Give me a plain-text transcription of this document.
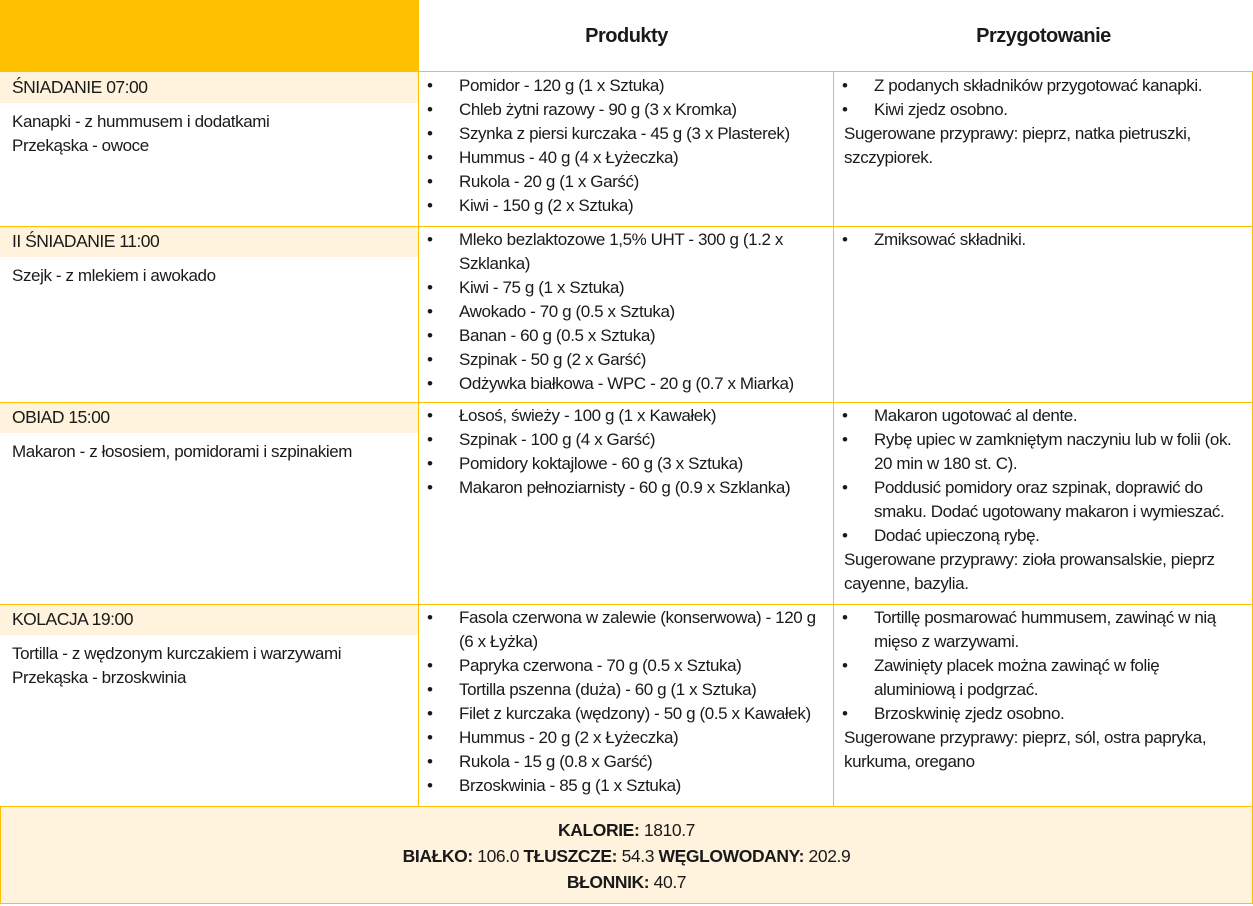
Produkty	Przygotowanie
ŚNIADANIE 07:00
Kanapki - z hummusem i dodatkami
Przekąska - owoce
• Pomidor - 120 g (1 x Sztuka)
• Chleb żytni razowy - 90 g (3 x Kromka)
• Szynka z piersi kurczaka - 45 g (3 x Plasterek)
• Hummus - 40 g (4 x Łyżeczka)
• Rukola - 20 g (1 x Garść)
• Kiwi - 150 g (2 x Sztuka)
• Z podanych składników przygotować kanapki.
• Kiwi zjedz osobno.
Sugerowane przyprawy: pieprz, natka pietruszki, szczypiorek.
II ŚNIADANIE 11:00
Szejk - z mlekiem i awokado
• Mleko bezlaktozowe 1,5% UHT - 300 g (1.2 x Szklanka)
• Kiwi - 75 g (1 x Sztuka)
• Awokado - 70 g (0.5 x Sztuka)
• Banan - 60 g (0.5 x Sztuka)
• Szpinak - 50 g (2 x Garść)
• Odżywka białkowa - WPC - 20 g (0.7 x Miarka)
• Zmiksować składniki.
OBIAD 15:00
Makaron - z łososiem, pomidorami i szpinakiem
• Łosoś, świeży - 100 g (1 x Kawałek)
• Szpinak - 100 g (4 x Garść)
• Pomidory koktajlowe - 60 g (3 x Sztuka)
• Makaron pełnoziarnisty - 60 g (0.9 x Szklanka)
• Makaron ugotować al dente.
• Rybę upiec w zamkniętym naczyniu lub w folii (ok. 20 min w 180 st. C).
• Poddusić pomidory oraz szpinak, doprawić do smaku. Dodać ugotowany makaron i wymieszać.
• Dodać upieczoną rybę.
Sugerowane przyprawy: zioła prowansalskie, pieprz cayenne, bazylia.
KOLACJA 19:00
Tortilla - z wędzonym kurczakiem i warzywami
Przekąska - brzoskwinia
• Fasola czerwona w zalewie (konserwowa) - 120 g (6 x Łyżka)
• Papryka czerwona - 70 g (0.5 x Sztuka)
• Tortilla pszenna (duża) - 60 g (1 x Sztuka)
• Filet z kurczaka (wędzony) - 50 g (0.5 x Kawałek)
• Hummus - 20 g (2 x Łyżeczka)
• Rukola - 15 g (0.8 x Garść)
• Brzoskwinia - 85 g (1 x Sztuka)
• Tortillę posmarować hummusem, zawinąć w nią mięso z warzywami.
• Zawinięty placek można zawinąć w folię aluminiową i podgrzać.
• Brzoskwinię zjedz osobno.
Sugerowane przyprawy: pieprz, sól, ostra papryka, kurkuma, oregano
KALORIE: 1810.7
BIAŁKO: 106.0 TŁUSZCZE: 54.3 WĘGLOWODANY: 202.9
BŁONNIK: 40.7
